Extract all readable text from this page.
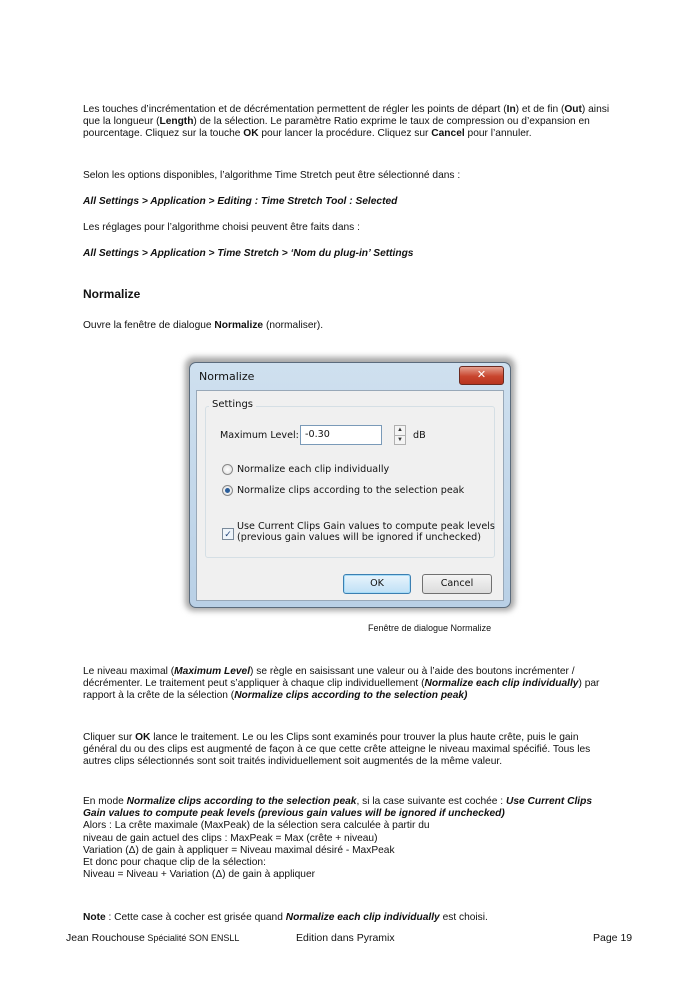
Les touches d’incrémentation et de décrémentation permettent de régler les points de départ (In) et de fin (Out) ainsi que la longueur (Length) de la sélection. Le paramètre Ratio exprime le taux de compression ou d’expansion en pourcentage. Cliquez sur la touche OK pour lancer la procédure. Cliquez sur Cancel pour l’annuler.

Selon les options disponibles, l’algorithme Time Stretch peut être sélectionné dans :
All Settings > Application > Editing : Time Stretch Tool : Selected
Les réglages pour l’algorithme choisi peuvent être faits dans :
All Settings > Application > Time Stretch > ‘Nom du plug-in’ Settings
Normalize
Ouvre la fenêtre de dialogue Normalize (normaliser).
Normalize	✕
Settings
Maximum Level: -0.30	▲
▼ dB
Normalize each clip individually
Normalize clips according to the selection peak
✓
Use Current Clips Gain values to compute peak levels
(previous gain values will be ignored if unchecked)
OK	Cancel
Fenêtre de dialogue Normalize
Le niveau maximal (Maximum Level) se règle en saisissant une valeur ou à l’aide des boutons incrémenter / décrémenter. Le traitement peut s’appliquer à chaque clip individuellement (Normalize each clip individually) par rapport à la crête de la sélection (Normalize clips according to the selection peak)
Cliquer sur OK lance le traitement. Le ou les Clips sont examinés pour trouver la plus haute crête, puis le gain général du ou des clips est augmenté de façon à ce que cette crête atteigne le niveau maximal spécifié. Tous les autres clips sélectionnés sont soit traités individuellement soit augmentés de la même valeur.

En mode Normalize clips according to the selection peak, si la case suivante est cochée : Use Current Clips Gain values to compute peak levels (previous gain values will be ignored if unchecked)

Alors : La crête maximale (MaxPeak) de la sélection sera calculée à partir du

niveau de gain actuel des clips : MaxPeak = Max (crête + niveau)

Variation (Δ) de gain à appliquer = Niveau maximal désiré - MaxPeak

Et donc pour chaque clip de la sélection:

Niveau = Niveau + Variation (Δ) de gain à appliquer

Note : Cette case à cocher est grisée quand Normalize each clip individually est choisi.
Jean Rouchouse Spécialité SON ENSLL	Edition dans Pyramix	Page 19
